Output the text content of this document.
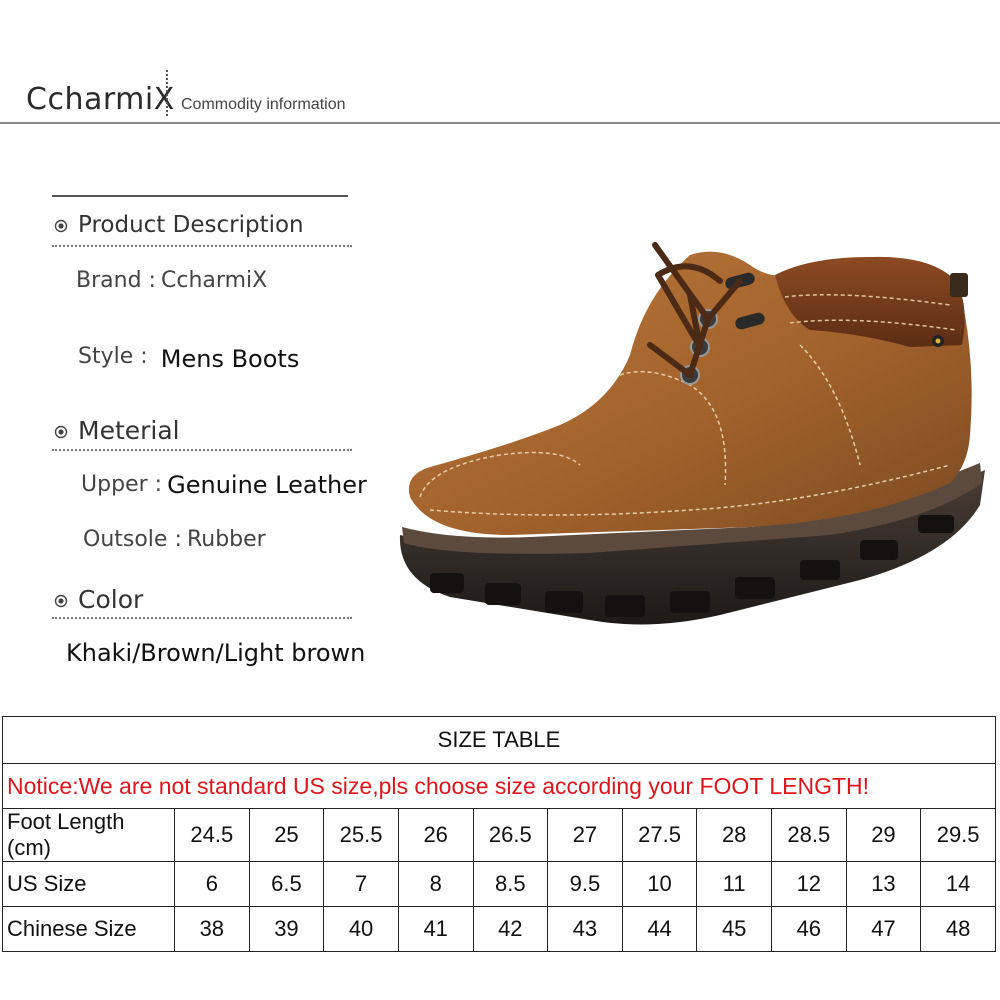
CcharmiX Commodity information
Product Description
Brand : CcharmiX
Style : Mens Boots
Meterial
Upper : Genuine Leather
Outsole : Rubber
Color
Khaki/Brown/Light brown
SIZE TABLE											
Notice:We are not standard US size,pls choose size according your FOOT LENGTH!											
Foot Length (cm)	24.5	25	25.5	26	26.5	27	27.5	28	28.5	29	29.5
US Size	6	6.5	7	8	8.5	9.5	10	11	12	13	14
Chinese Size	38	39	40	41	42	43	44	45	46	47	48
